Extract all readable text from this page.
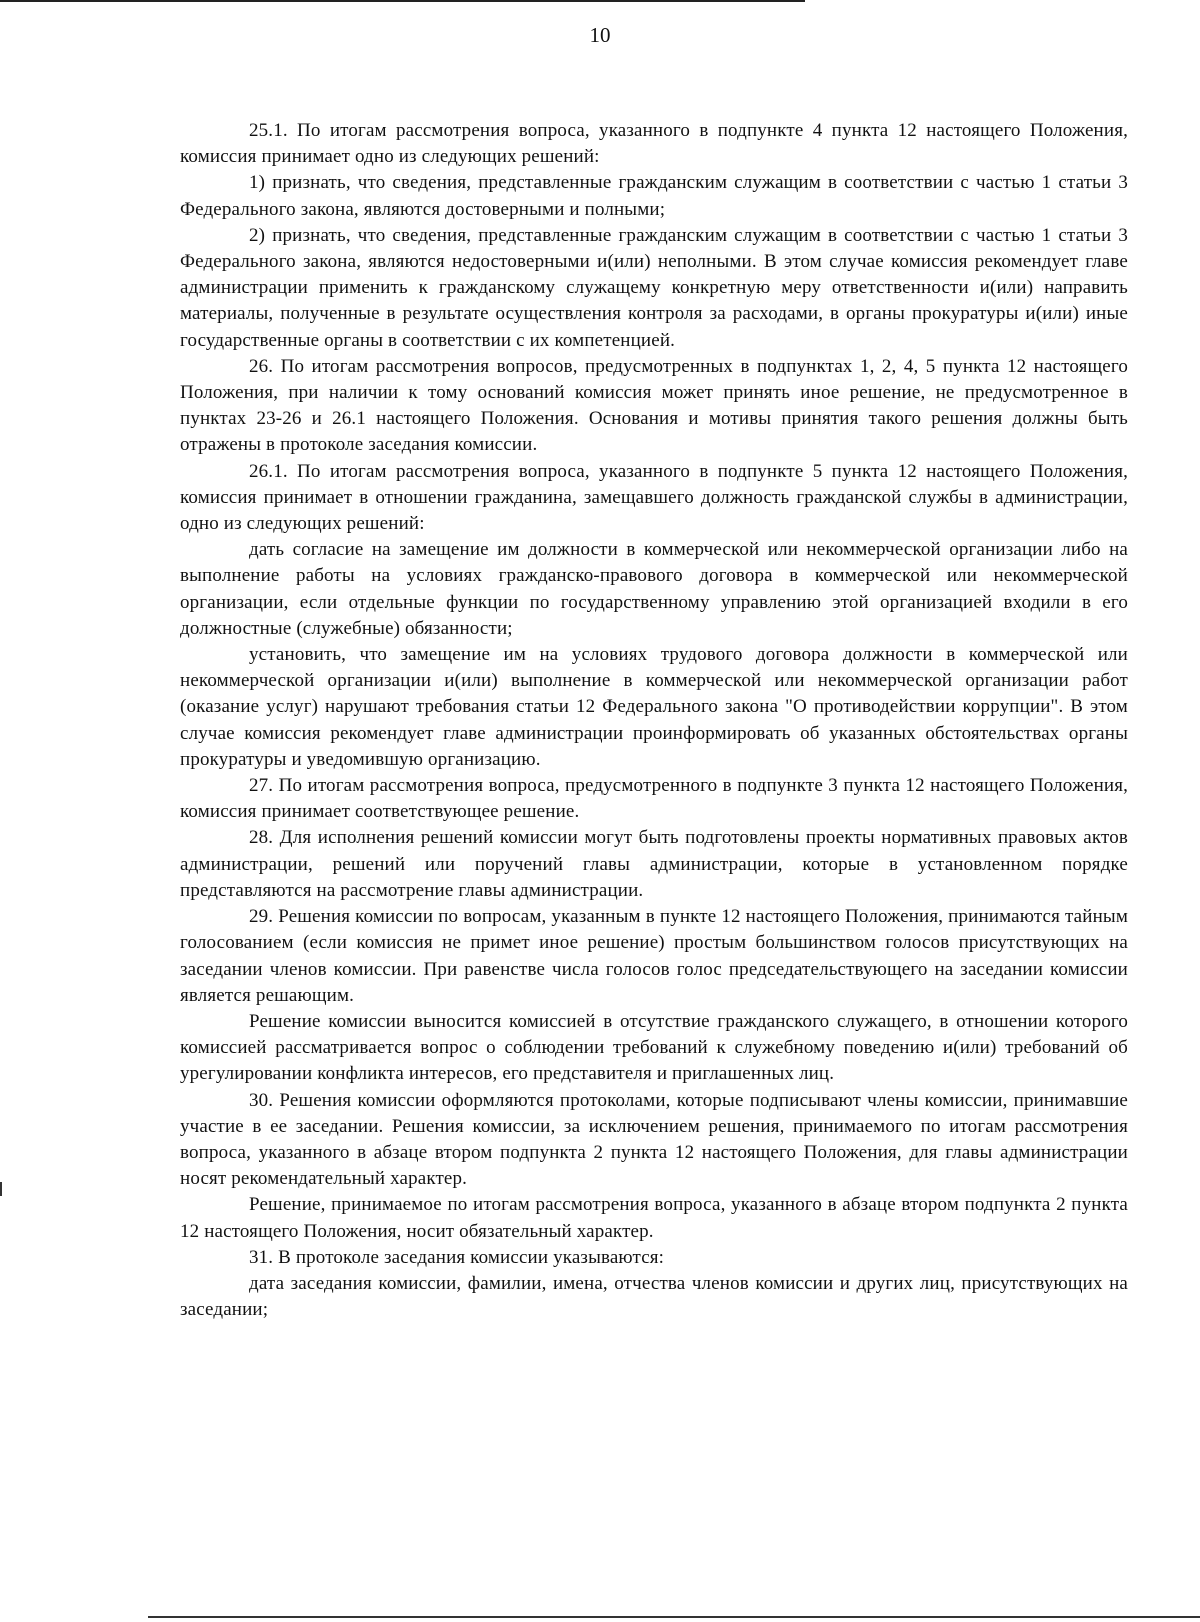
10

25.1. По итогам рассмотрения вопроса, указанного в подпункте 4 пункта 12 настоящего Положения, комиссия принимает одно из следующих решений:

1) признать, что сведения, представленные гражданским служащим в соответствии с частью 1 статьи 3 Федерального закона, являются достоверными и полными;

2) признать, что сведения, представленные гражданским служащим в соответствии с частью 1 статьи 3 Федерального закона, являются недостоверными и(или) неполными. В этом случае комиссия рекомендует главе администрации применить к гражданскому служащему конкретную меру ответственности и(или) направить материалы, полученные в результате осуществления контроля за расходами, в органы прокуратуры и(или) иные государственные органы в соответствии с их компетенцией.

26. По итогам рассмотрения вопросов, предусмотренных в подпунктах 1, 2, 4, 5 пункта 12 настоящего Положения, при наличии к тому оснований комиссия может принять иное решение, не предусмотренное в пунктах 23-26 и 26.1 настоящего Положения. Основания и мотивы принятия такого решения должны быть отражены в протоколе заседания комиссии.

26.1. По итогам рассмотрения вопроса, указанного в подпункте 5 пункта 12 настоящего Положения, комиссия принимает в отношении гражданина, замещавшего должность гражданской службы в администрации, одно из следующих решений:

дать согласие на замещение им должности в коммерческой или некоммерческой организации либо на выполнение работы на условиях гражданско-правового договора в коммерческой или некоммерческой организации, если отдельные функции по государственному управлению этой организацией входили в его должностные (служебные) обязанности;

установить, что замещение им на условиях трудового договора должности в коммерческой или некоммерческой организации и(или) выполнение в коммерческой или некоммерческой организации работ (оказание услуг) нарушают требования статьи 12 Федерального закона "О противодействии коррупции". В этом случае комиссия рекомендует главе администрации проинформировать об указанных обстоятельствах органы прокуратуры и уведомившую организацию.

27. По итогам рассмотрения вопроса, предусмотренного в подпункте 3 пункта 12 настоящего Положения, комиссия принимает соответствующее решение.

28. Для исполнения решений комиссии могут быть подготовлены проекты нормативных правовых актов администрации, решений или поручений главы администрации, которые в установленном порядке представляются на рассмотрение главы администрации.

29. Решения комиссии по вопросам, указанным в пункте 12 настоящего Положения, принимаются тайным голосованием (если комиссия не примет иное решение) простым большинством голосов присутствующих на заседании членов комиссии. При равенстве числа голосов голос председательствующего на заседании комиссии является решающим.

Решение комиссии выносится комиссией в отсутствие гражданского служащего, в отношении которого комиссией рассматривается вопрос о соблюдении требований к служебному поведению и(или) требований об урегулировании конфликта интересов, его представителя и приглашенных лиц.

30. Решения комиссии оформляются протоколами, которые подписывают члены комиссии, принимавшие участие в ее заседании. Решения комиссии, за исключением решения, принимаемого по итогам рассмотрения вопроса, указанного в абзаце втором подпункта 2 пункта 12 настоящего Положения, для главы администрации носят рекомендательный характер.

Решение, принимаемое по итогам рассмотрения вопроса, указанного в абзаце втором подпункта 2 пункта 12 настоящего Положения, носит обязательный характер.

31. В протоколе заседания комиссии указываются:

дата заседания комиссии, фамилии, имена, отчества членов комиссии и других лиц, присутствующих на заседании;
